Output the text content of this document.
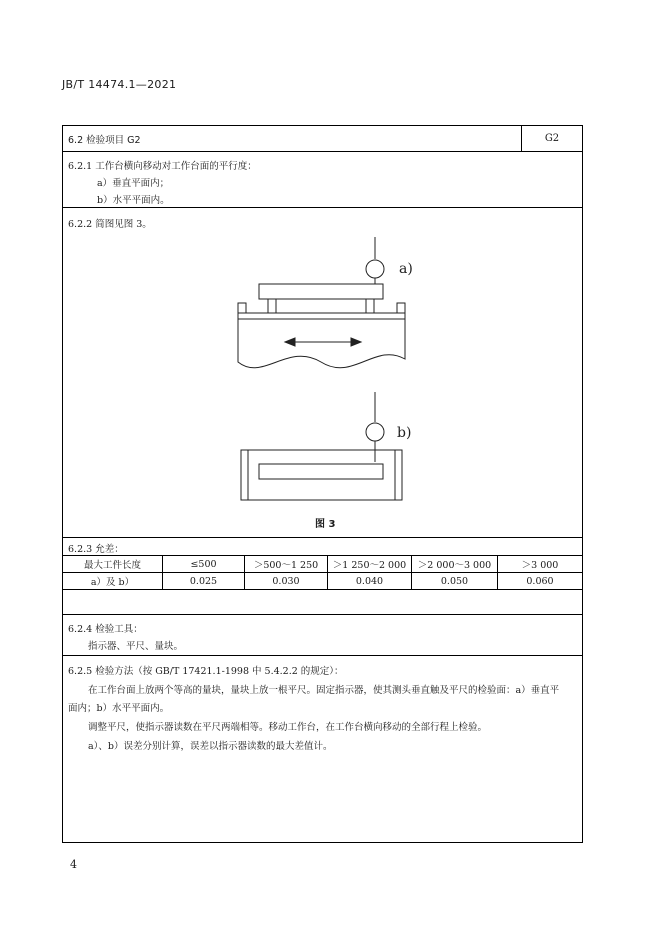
JB/T 14474.1—2021
6.2 检验项目 G2	G2
6.2.1 工作台横向移动对工作台面的平行度：
a）垂直平面内；
b）水平平面内。
6.2.2 简图见图 3。
a)
b)
图 3
6.2.3 允差：
最大工件长度	≤500	＞500～1 250	＞1 250～2 000	＞2 000～3 000	＞3 000
a）及 b）	0.025	0.030	0.040	0.050	0.060
6.2.4 检验工具：
指示器、平尺、量块。
6.2.5 检验方法（按 GB/T 17421.1-1998 中 5.4.2.2 的规定）：
在工作台面上放两个等高的量块，量块上放一根平尺。固定指示器，使其测头垂直触及平尺的检验面：a）垂直平
面内；b）水平平面内。
调整平尺，使指示器读数在平尺两端相等。移动工作台，在工作台横向移动的全部行程上检验。
a）、b）误差分别计算，误差以指示器读数的最大差值计。
4
